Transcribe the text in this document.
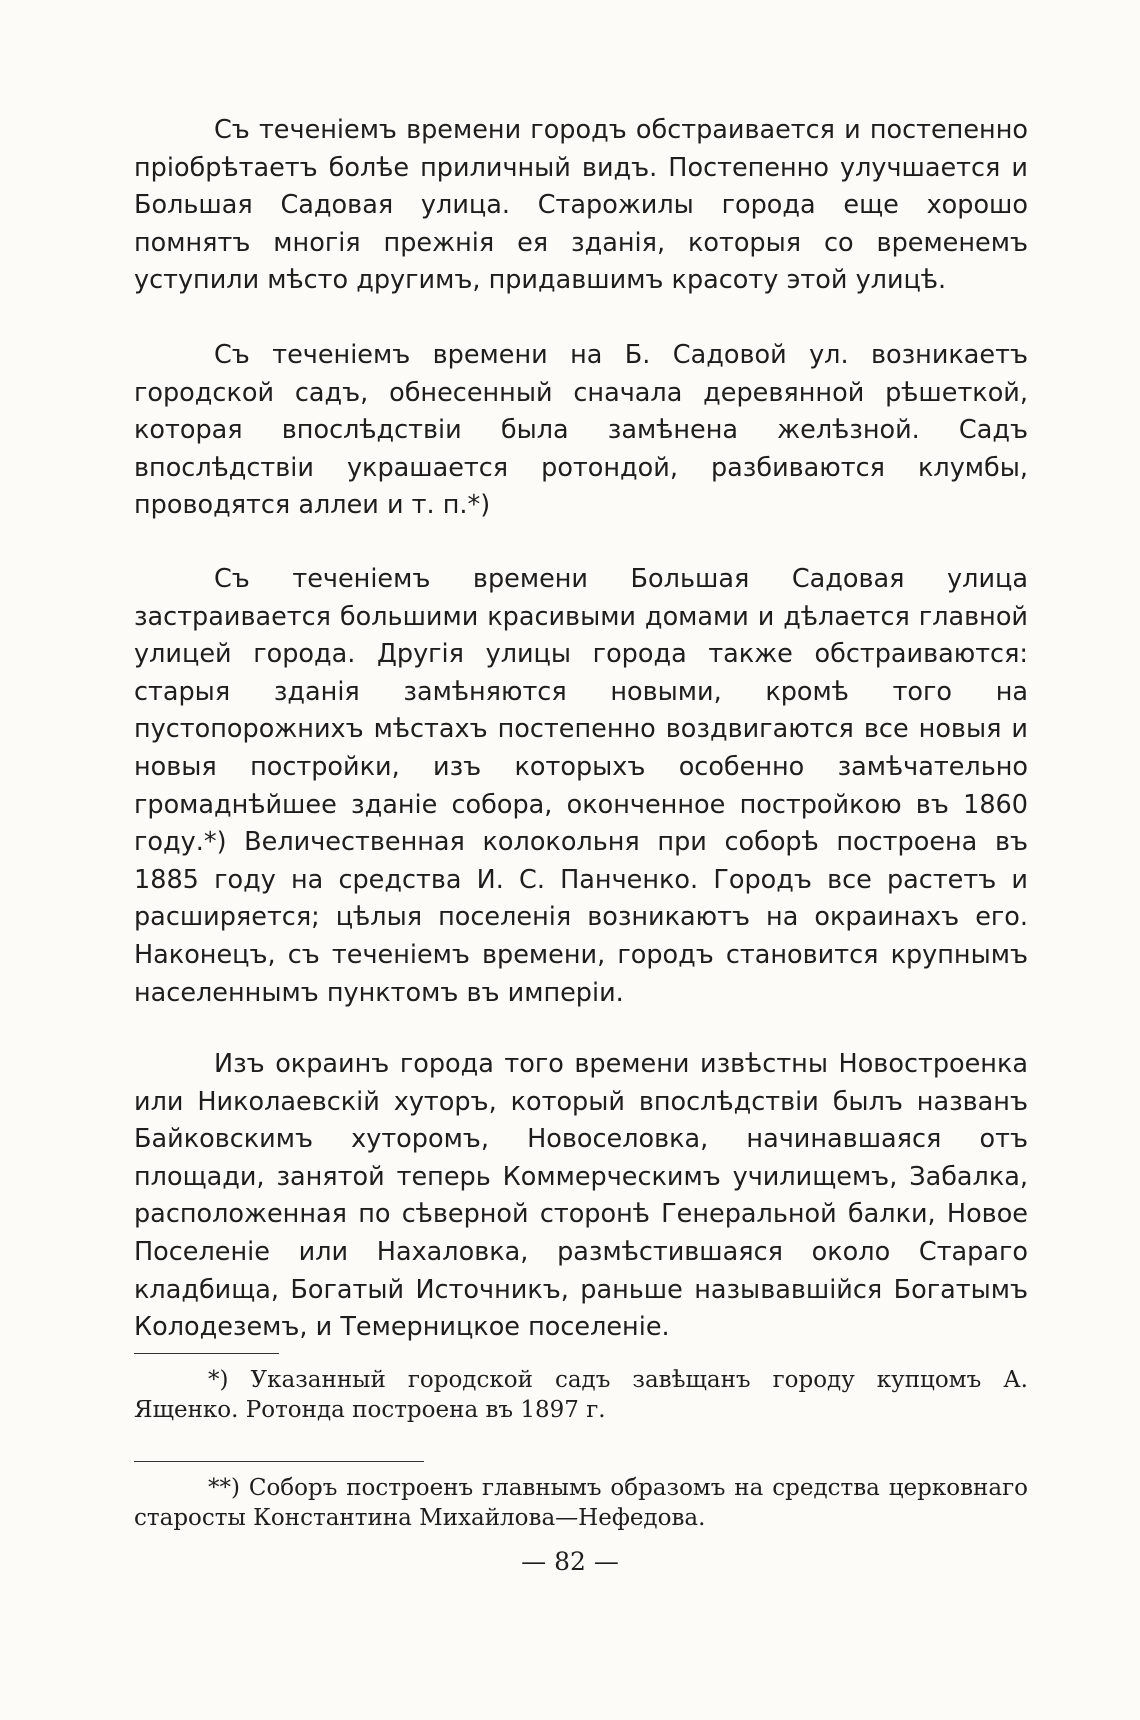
Съ теченіемъ времени городъ обстраивается и постепенно пріобрѣтаетъ болѣе приличный видъ. Постепенно улучшается и Большая Садовая улица. Старожилы города еще хорошо помнятъ многія прежнія ея зданія, которыя со временемъ уступили мѣсто другимъ, придавшимъ красоту этой улицѣ.

Съ теченіемъ времени на Б. Садовой ул. возникаетъ городской садъ, обнесенный сначала деревянной рѣшеткой, которая впослѣдствіи была замѣнена желѣзной. Садъ впослѣдствіи украшается ротондой, разбиваются клумбы, проводятся аллеи и т. п.*)

Съ теченіемъ времени Большая Садовая улица застраивается большими красивыми домами и дѣлается главной улицей города. Другія улицы города также обстраиваются: старыя зданія замѣняются новыми, кромѣ того на пустопорожнихъ мѣстахъ постепенно воздвигаются все новыя и новыя постройки, изъ которыхъ особенно замѣчательно громаднѣйшее зданіе собора, оконченное постройкою въ 1860 году.*) Величественная колокольня при соборѣ построена въ 1885 году на средства И. С. Панченко. Городъ все растетъ и расширяется; цѣлыя поселенія возникаютъ на окраинахъ его. Наконецъ, съ теченіемъ времени, городъ становится крупнымъ населеннымъ пунктомъ въ имперіи.

Изъ окраинъ города того времени извѣстны Новостроенка или Николаевскій хуторъ, который впослѣдствіи былъ названъ Байковскимъ хуторомъ, Новоселовка, начинавшаяся отъ площади, занятой теперь Коммерческимъ училищемъ, Забалка, расположенная по сѣверной сторонѣ Генеральной балки, Новое Поселеніе или Нахаловка, размѣстившаяся около Стараго кладбища, Богатый Источникъ, раньше называвшійся Богатымъ Колодеземъ, и Темерницкое поселеніе.

*) Указанный городской садъ завѣщанъ городу купцомъ А. Ященко. Ротонда построена въ 1897 г.

**) Соборъ построенъ главнымъ образомъ на средства церковнаго старосты Константина Михайлова—Нефедова.

— 82 —
